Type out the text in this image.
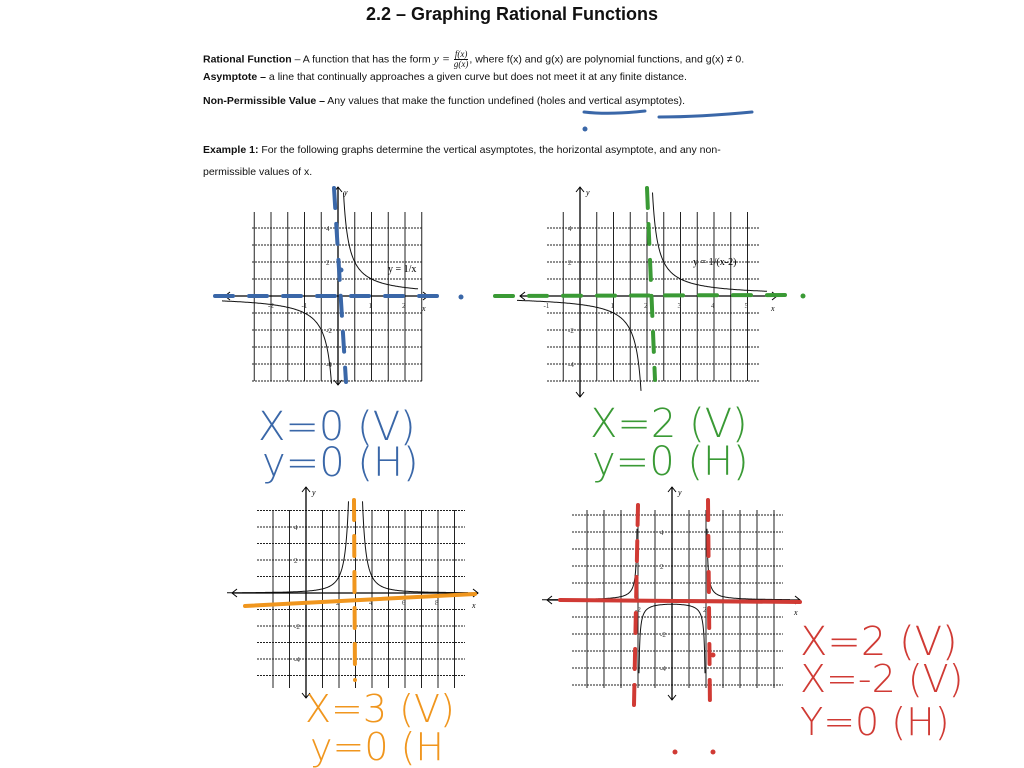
2.2 – Graphing Rational Functions
Rational Function – A function that has the form $y = \frac{f(x)}{g(x)}$ , where f(x) and g(x) are polynomial functions, and g(x) ≠ 0.
Asymptote – a line that continually approaches a given curve but does not meet it at any finite distance.
Non-Permissible Value – Any values that make the function undefined (holes and vertical asymptotes).
Example 1: For the following graphs determine the vertical asymptotes, the horizontal asymptote, and any non-
permissible values of x.
x
y
-2	-1	1	2
4
2
-2
-4
y = 1/x
x
y
-1	1	2	3	4	5
4
2
-2
-4
y = 1/(x-2)
x
y
4	6	8
4
2
-2
-4
x
y
-2	2
4
2
-2
-4
X=0 (V)
y=0 (H)
X=2 (V)
y=0 (H)
X=3 (V)
y=0 (H
X=2 (V)
X=-2 (V)
Y=0 (H)
